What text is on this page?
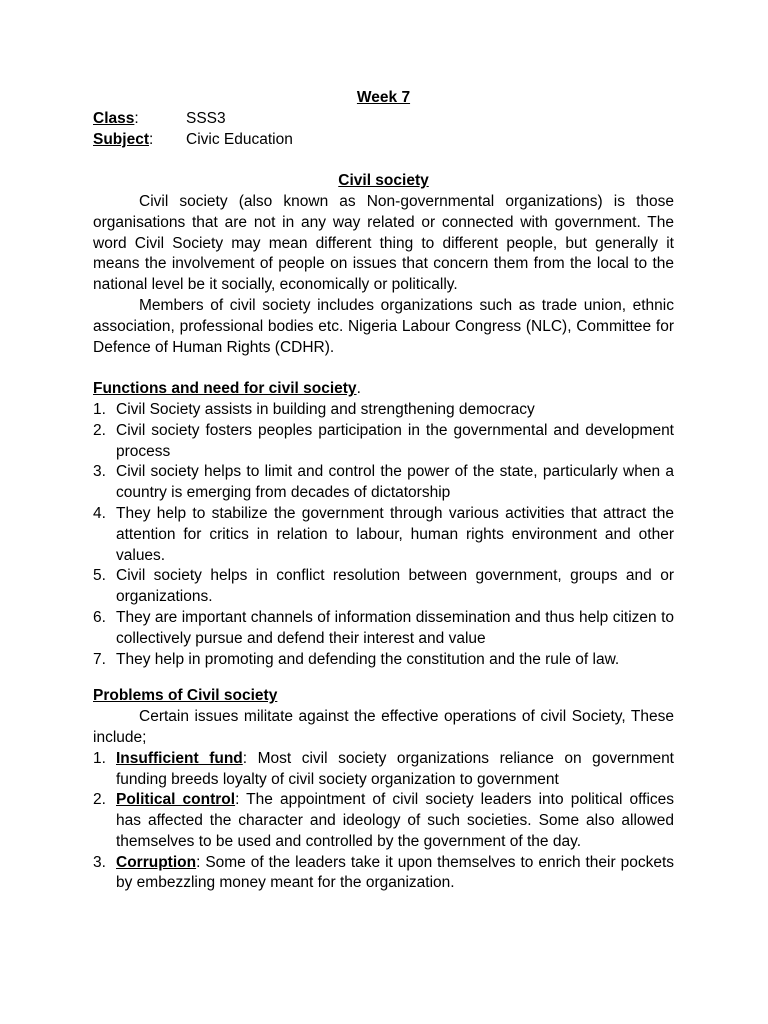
Week 7
Class:	SSS3
Subject:	Civic Education
Civil society

Civil society (also known as Non-governmental organizations) is those organisations that are not in any way related or connected with government. The word Civil Society may mean different thing to different people, but generally it means the involvement of people on issues that concern them from the local to the national level be it socially, economically or politically.

Members of civil society includes organizations such as trade union, ethnic association, professional bodies etc. Nigeria Labour Congress (NLC), Committee for Defence of Human Rights (CDHR).

Functions and need for civil society.
1. Civil Society assists in building and strengthening democracy
2. Civil society fosters peoples participation in the governmental and development process
3. Civil society helps to limit and control the power of the state, particularly when a country is emerging from decades of dictatorship
4. They help to stabilize the government through various activities that attract the attention for critics in relation to labour, human rights environment and other values.
5. Civil society helps in conflict resolution between government, groups and or organizations.
6. They are important channels of information dissemination and thus help citizen to collectively pursue and defend their interest and value
7. They help in promoting and defending the constitution and the rule of law.
Problems of Civil society

Certain issues militate against the effective operations of civil Society, These include;

1. Insufficient fund: Most civil society organizations reliance on government funding breeds loyalty of civil society organization to government
2. Political control: The appointment of civil society leaders into political offices has affected the character and ideology of such societies. Some also allowed themselves to be used and controlled by the government of the day.
3. Corruption: Some of the leaders take it upon themselves to enrich their pockets by embezzling money meant for the organization.
